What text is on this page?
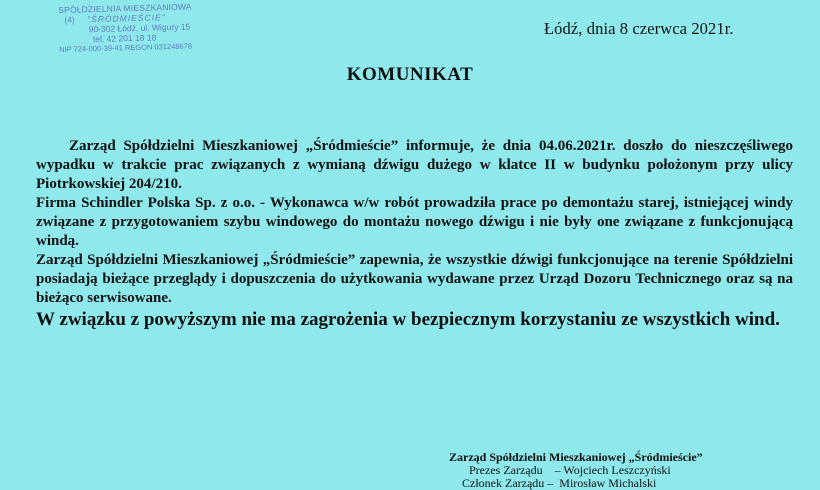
SPÓŁDZIELNIA MIESZKANIOWA
(4) "ŚRÓDMIEŚCIE"
90-302 Łódź, ul. Wigury 15
tel. 42 201 18 18
NIP 724-000-39-41 REGON 031248678
Łódź, dnia 8 czerwca 2021r.
KOMUNIKAT

Zarząd Spółdzielni Mieszkaniowej „Śródmieście” informuje, że dnia 04.06.2021r. doszło do nieszczęśliwego wypadku w trakcie prac związanych z wymianą dźwigu dużego w klatce II w budynku położonym przy ulicy Piotrkowskiej 204/210.

Firma Schindler Polska Sp. z o.o. - Wykonawca w/w robót prowadziła prace po demontażu starej, istniejącej windy związane z przygotowaniem szybu windowego do montażu nowego dźwigu i nie były one związane z funkcjonującą windą.

Zarząd Spółdzielni Mieszkaniowej „Śródmieście” zapewnia, że wszystkie dźwigi funkcjonujące na terenie Spółdzielni posiadają bieżące przeglądy i dopuszczenia do użytkowania wydawane przez Urząd Dozoru Technicznego oraz są na bieżąco serwisowane.

W związku z powyższym nie ma zagrożenia w bezpiecznym korzystaniu ze wszystkich wind.

Zarząd Spółdzielni Mieszkaniowej „Śródmieście”
Prezes Zarządu    – Wojciech Leszczyński
Członek Zarządu –  Mirosław Michalski
